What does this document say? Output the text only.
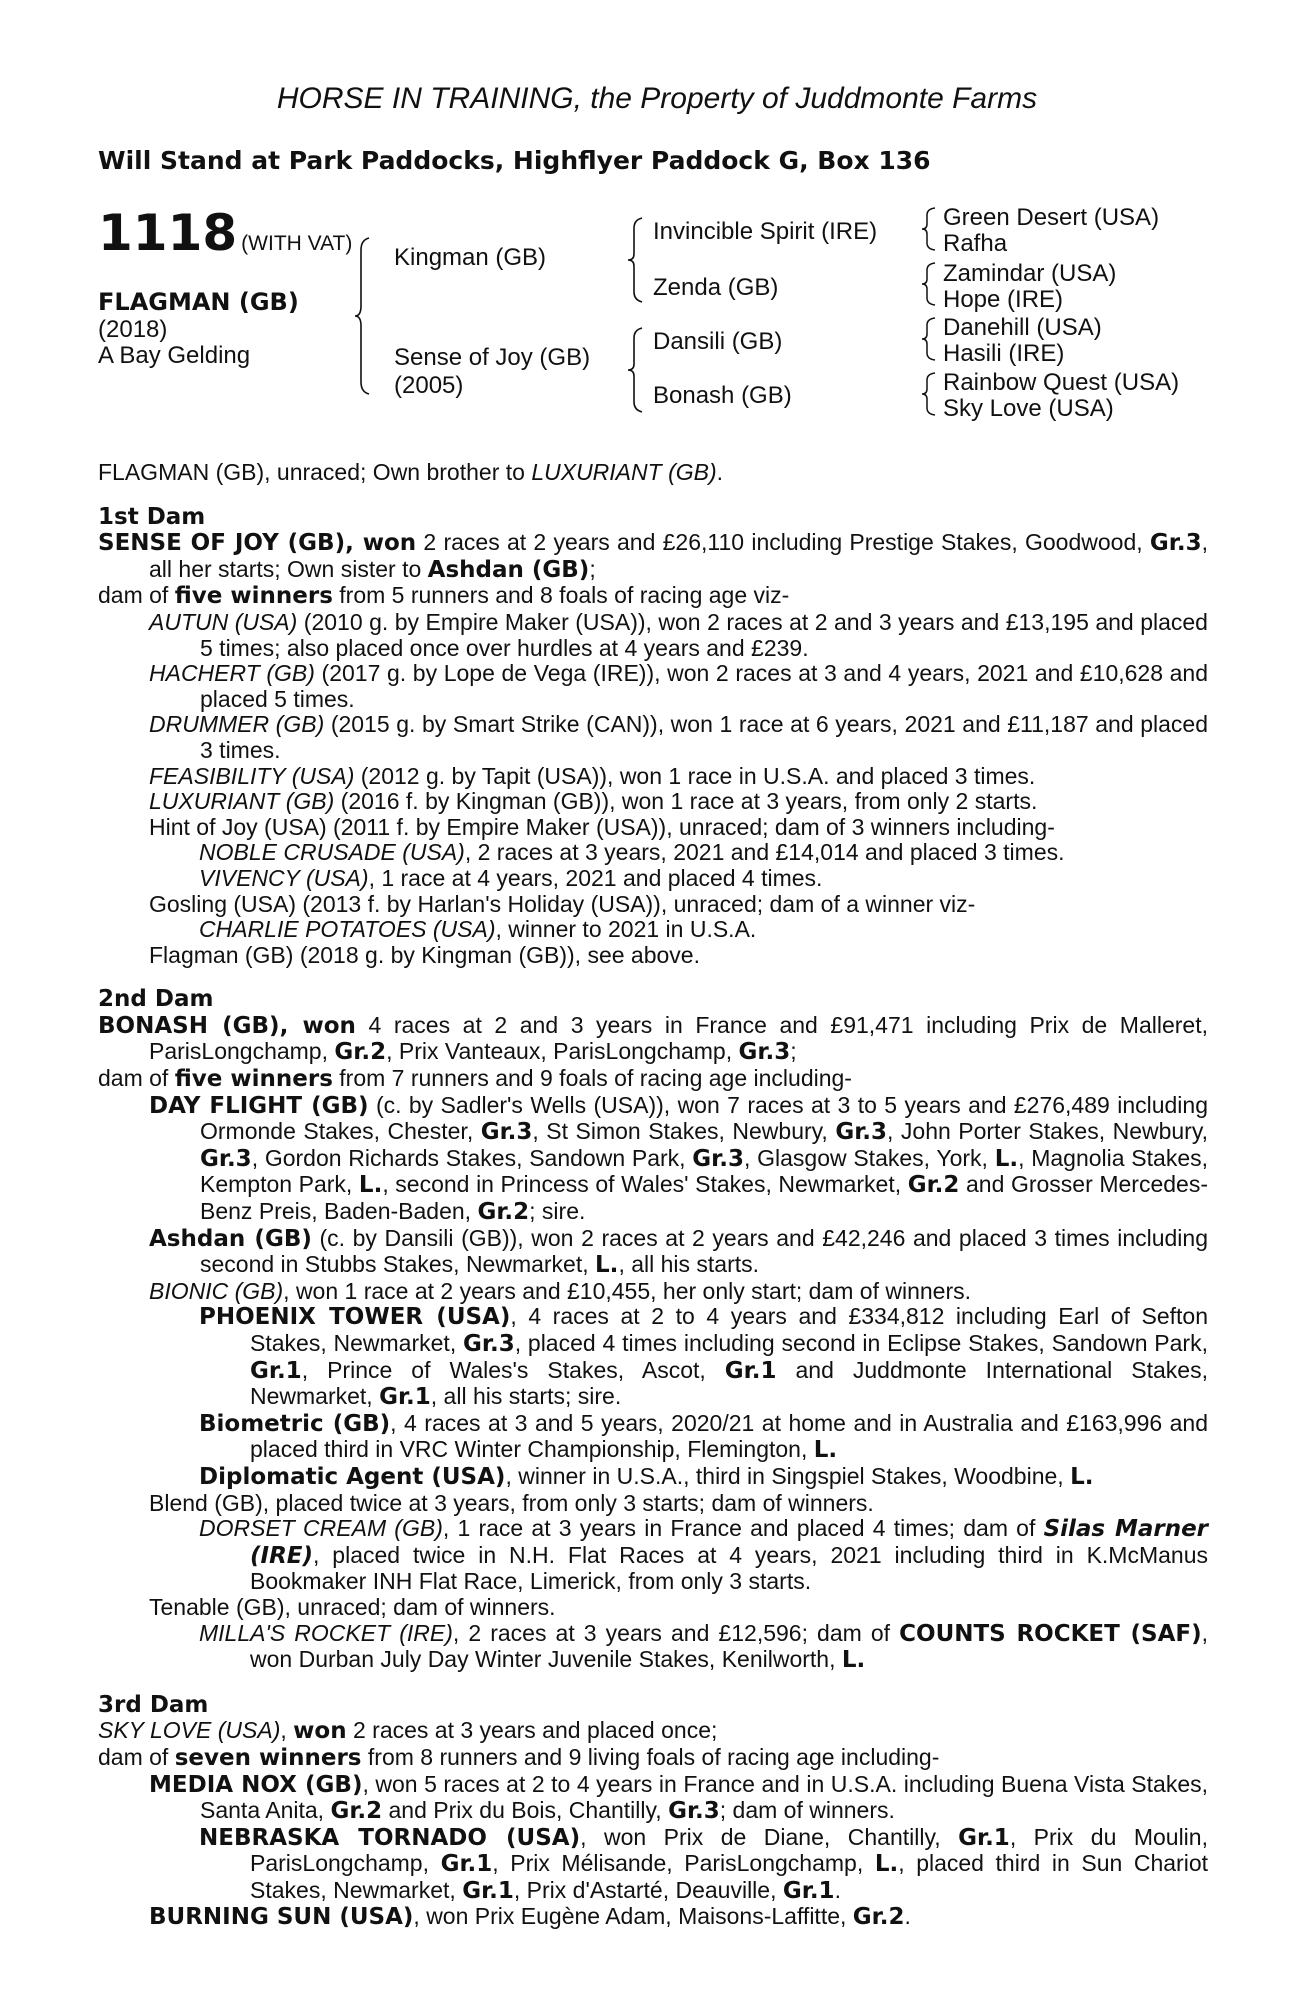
HORSE IN TRAINING, the Property of Juddmonte Farms
Will Stand at Park Paddocks, Highflyer Paddock G, Box 136
1118 (WITH VAT)
FLAGMAN (GB)
(2018)
A Bay Gelding
Kingman (GB)
Sense of Joy (GB)
(2005)
Invincible Spirit (IRE)
Zenda (GB)
Dansili (GB)
Bonash (GB)
Green Desert (USA)
Rafha
Zamindar (USA)
Hope (IRE)
Danehill (USA)
Hasili (IRE)
Rainbow Quest (USA)
Sky Love (USA)
FLAGMAN (GB), unraced; Own brother to LUXURIANT (GB).
1st Dam
SENSE OF JOY (GB), won 2 races at 2 years and £26,110 including Prestige Stakes, Goodwood, Gr.3, all her starts; Own sister to Ashdan (GB);
dam of five winners from 5 runners and 8 foals of racing age viz-
AUTUN (USA) (2010 g. by Empire Maker (USA)), won 2 races at 2 and 3 years and £13,195 and placed 5 times; also placed once over hurdles at 4 years and £239.
HACHERT (GB) (2017 g. by Lope de Vega (IRE)), won 2 races at 3 and 4 years, 2021 and £10,628 and placed 5 times.
DRUMMER (GB) (2015 g. by Smart Strike (CAN)), won 1 race at 6 years, 2021 and £11,187 and placed 3 times.
FEASIBILITY (USA) (2012 g. by Tapit (USA)), won 1 race in U.S.A. and placed 3 times.
LUXURIANT (GB) (2016 f. by Kingman (GB)), won 1 race at 3 years, from only 2 starts.
Hint of Joy (USA) (2011 f. by Empire Maker (USA)), unraced; dam of 3 winners including-
NOBLE CRUSADE (USA), 2 races at 3 years, 2021 and £14,014 and placed 3 times.
VIVENCY (USA), 1 race at 4 years, 2021 and placed 4 times.
Gosling (USA) (2013 f. by Harlan's Holiday (USA)), unraced; dam of a winner viz-
CHARLIE POTATOES (USA), winner to 2021 in U.S.A.
Flagman (GB) (2018 g. by Kingman (GB)), see above.
2nd Dam
BONASH (GB), won 4 races at 2 and 3 years in France and £91,471 including Prix de Malleret, ParisLongchamp, Gr.2, Prix Vanteaux, ParisLongchamp, Gr.3;
dam of five winners from 7 runners and 9 foals of racing age including-
DAY FLIGHT (GB) (c. by Sadler's Wells (USA)), won 7 races at 3 to 5 years and £276,489 including Ormonde Stakes, Chester, Gr.3, St Simon Stakes, Newbury, Gr.3, John Porter Stakes, Newbury, Gr.3, Gordon Richards Stakes, Sandown Park, Gr.3, Glasgow Stakes, York, L., Magnolia Stakes, Kempton Park, L., second in Princess of Wales' Stakes, Newmarket, Gr.2 and Grosser Mercedes-Benz Preis, Baden-Baden, Gr.2; sire.
Ashdan (GB) (c. by Dansili (GB)), won 2 races at 2 years and £42,246 and placed 3 times including second in Stubbs Stakes, Newmarket, L., all his starts.
BIONIC (GB), won 1 race at 2 years and £10,455, her only start; dam of winners.
PHOENIX TOWER (USA), 4 races at 2 to 4 years and £334,812 including Earl of Sefton Stakes, Newmarket, Gr.3, placed 4 times including second in Eclipse Stakes, Sandown Park, Gr.1, Prince of Wales's Stakes, Ascot, Gr.1 and Juddmonte International Stakes, Newmarket, Gr.1, all his starts; sire.
Biometric (GB), 4 races at 3 and 5 years, 2020/21 at home and in Australia and £163,996 and placed third in VRC Winter Championship, Flemington, L.
Diplomatic Agent (USA), winner in U.S.A., third in Singspiel Stakes, Woodbine, L.
Blend (GB), placed twice at 3 years, from only 3 starts; dam of winners.
DORSET CREAM (GB), 1 race at 3 years in France and placed 4 times; dam of Silas Marner (IRE), placed twice in N.H. Flat Races at 4 years, 2021 including third in K.McManus Bookmaker INH Flat Race, Limerick, from only 3 starts.
Tenable (GB), unraced; dam of winners.
MILLA'S ROCKET (IRE), 2 races at 3 years and £12,596; dam of COUNTS ROCKET (SAF), won Durban July Day Winter Juvenile Stakes, Kenilworth, L.
3rd Dam
SKY LOVE (USA), won 2 races at 3 years and placed once;
dam of seven winners from 8 runners and 9 living foals of racing age including-
MEDIA NOX (GB), won 5 races at 2 to 4 years in France and in U.S.A. including Buena Vista Stakes, Santa Anita, Gr.2 and Prix du Bois, Chantilly, Gr.3; dam of winners.
NEBRASKA TORNADO (USA), won Prix de Diane, Chantilly, Gr.1, Prix du Moulin, ParisLongchamp, Gr.1, Prix Mélisande, ParisLongchamp, L., placed third in Sun Chariot Stakes, Newmarket, Gr.1, Prix d'Astarté, Deauville, Gr.1.
BURNING SUN (USA), won Prix Eugène Adam, Maisons-Laffitte, Gr.2.
